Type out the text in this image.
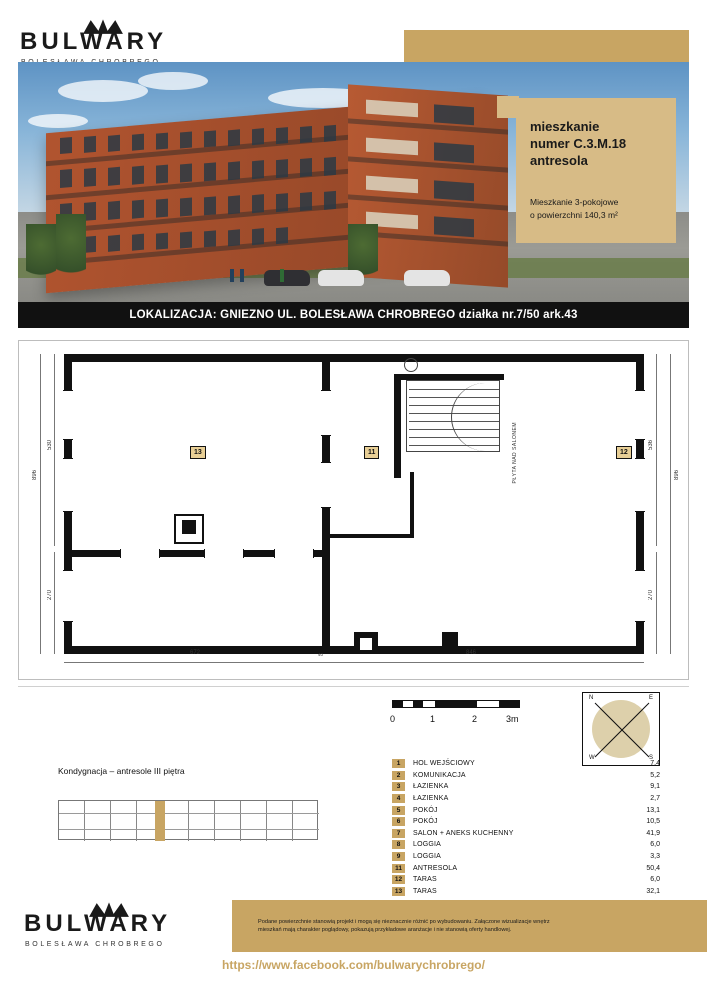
BULWARY
mieszkanie
numer C.3.M.18
antresola
Mieszkanie 3-pokojowe
o powierzchni 140,3 m²
LOKALIZACJA: GNIEZNO UL. BOLESŁAWA CHROBREGO działka nr.7/50 ark.43
PŁYTA NAD SALONEM
13	11	12
896
530
270
896
536
270
672	846
40
0	1	2	3m
N	E
S
W
1	HOL WEJŚCIOWY	7,4
2	KOMUNIKACJA	5,2
3	ŁAZIENKA	9,1
4	ŁAZIENKA	2,7
5	POKÓJ	13,1
6	POKÓJ	10,5
7	SALON + ANEKS KUCHENNY	41,9
8	LOGGIA	6,0
9	LOGGIA	3,3
11	ANTRESOLA	50,4
12	TARAS	6,0
13	TARAS	32,1
Kondygnacja – antresole III piętra
BULWARY
BOLESŁAWA CHROBREGO
Podane powierzchnie stanowią projekt i mogą się nieznacznie różnić po wybudowaniu. Załączone wizualizacje wnętrz
mieszkań mają charakter poglądowy, pokazują przykładowe aranżacje i nie stanowią oferty handlowej.
https://www.facebook.com/bulwarychrobrego/
